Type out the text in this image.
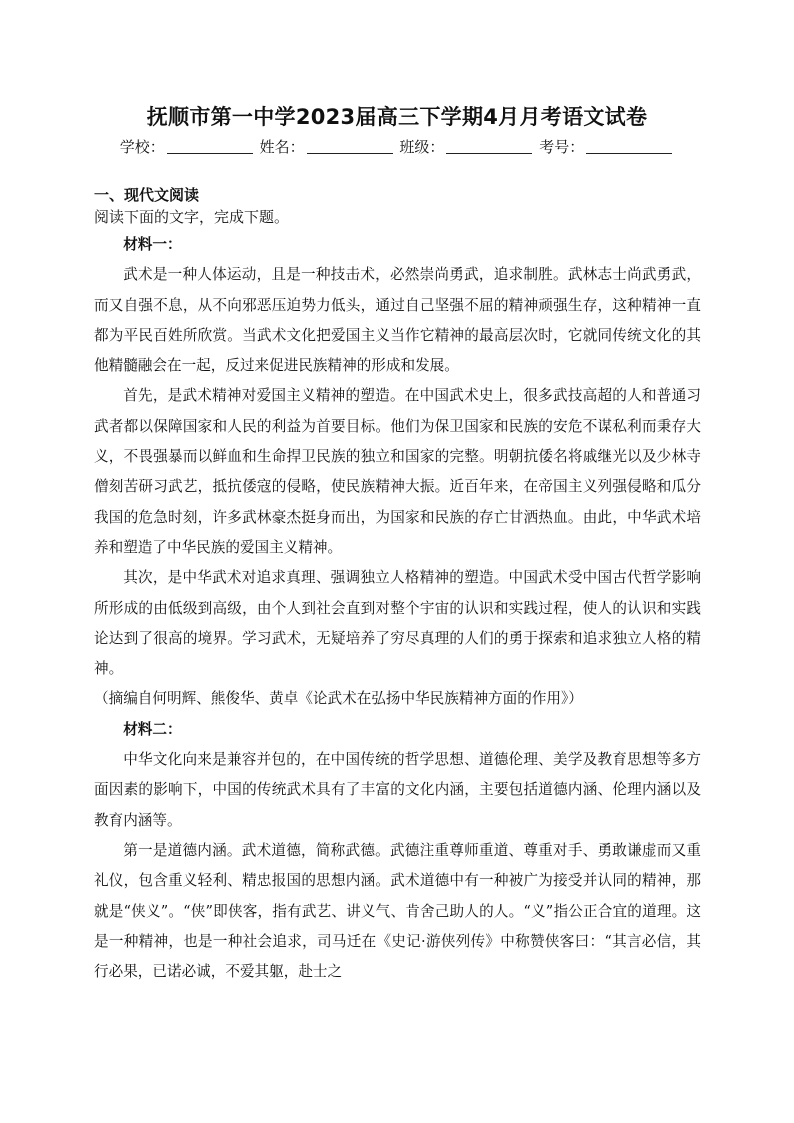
抚顺市第一中学2023届高三下学期4月月考语文试卷
学校：	姓名：	班级：	考号：
一、现代文阅读
阅读下面的文字，完成下题。

材料一：

武术是一种人体运动，且是一种技击术，必然崇尚勇武，追求制胜。武林志士尚武勇武，而又自强不息，从不向邪恶压迫势力低头，通过自己坚强不屈的精神顽强生存，这种精神一直都为平民百姓所欣赏。当武术文化把爱国主义当作它精神的最高层次时，它就同传统文化的其他精髓融会在一起，反过来促进民族精神的形成和发展。

首先，是武术精神对爱国主义精神的塑造。在中国武术史上，很多武技高超的人和普通习武者都以保障国家和人民的利益为首要目标。他们为保卫国家和民族的安危不谋私利而秉存大义，不畏强暴而以鲜血和生命捍卫民族的独立和国家的完整。明朝抗倭名将戚继光以及少林寺僧刻苦研习武艺，抵抗倭寇的侵略，使民族精神大振。近百年来，在帝国主义列强侵略和瓜分我国的危急时刻，许多武林豪杰挺身而出，为国家和民族的存亡甘洒热血。由此，中华武术培养和塑造了中华民族的爱国主义精神。

其次，是中华武术对追求真理、强调独立人格精神的塑造。中国武术受中国古代哲学影响所形成的由低级到高级，由个人到社会直到对整个宇宙的认识和实践过程，使人的认识和实践论达到了很高的境界。学习武术，无疑培养了穷尽真理的人们的勇于探索和追求独立人格的精神。

（摘编自何明辉、熊俊华、黄卓《论武术在弘扬中华民族精神方面的作用》）

材料二：

中华文化向来是兼容并包的，在中国传统的哲学思想、道德伦理、美学及教育思想等多方面因素的影响下，中国的传统武术具有了丰富的文化内涵，主要包括道德内涵、伦理内涵以及教育内涵等。

第一是道德内涵。武术道德，简称武德。武德注重尊师重道、尊重对手、勇敢谦虚而又重礼仪，包含重义轻利、精忠报国的思想内涵。武术道德中有一种被广为接受并认同的精神，那就是“侠义”。“侠”即侠客，指有武艺、讲义气、肯舍己助人的人。“义”指公正合宜的道理。这是一种精神，也是一种社会追求，司马迁在《史记·游侠列传》中称赞侠客曰：“其言必信，其行必果，已诺必诚，不爱其躯，赴士之
